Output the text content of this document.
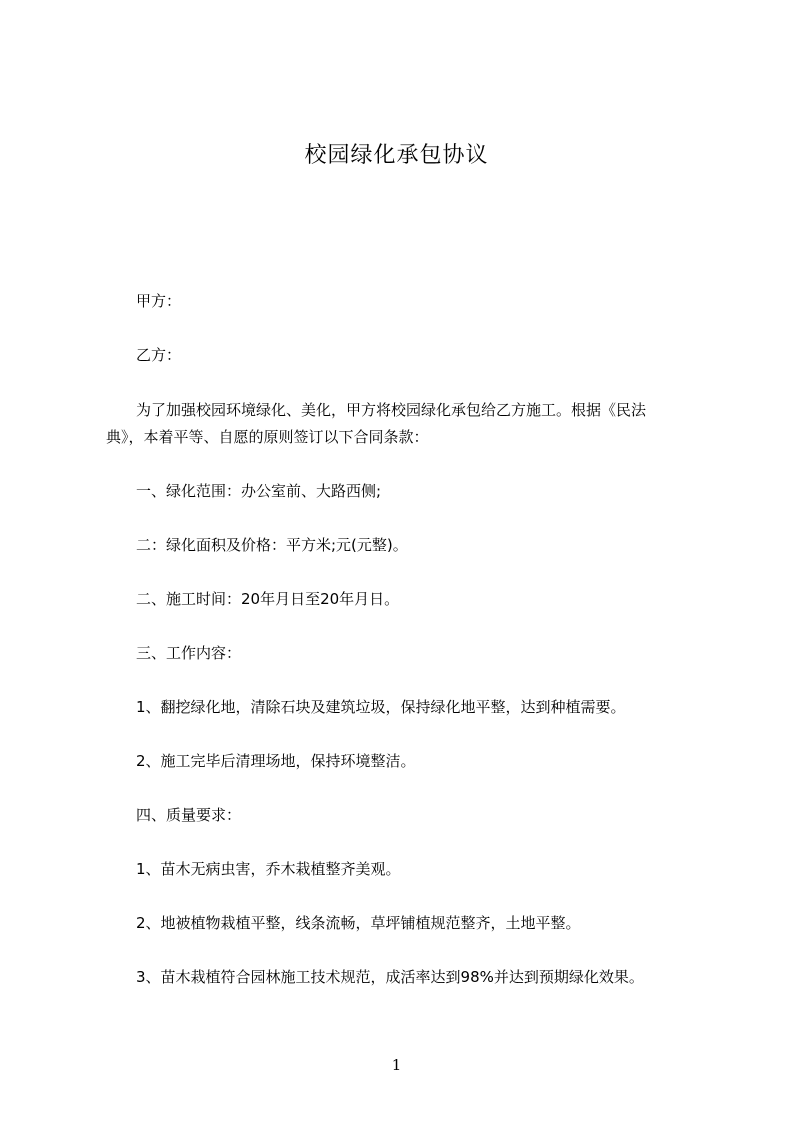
校园绿化承包协议
甲方：
乙方：
为了加强校园环境绿化、美化，甲方将校园绿化承包给乙方施工。根据《民法
典》，本着平等、自愿的原则签订以下合同条款：
一、绿化范围：办公室前、大路西侧;
二：绿化面积及价格：平方米;元(元整)。
二、施工时间：20年月日至20年月日。
三、工作内容：
1、翻挖绿化地，清除石块及建筑垃圾，保持绿化地平整，达到种植需要。
2、施工完毕后清理场地，保持环境整洁。
四、质量要求：
1、苗木无病虫害，乔木栽植整齐美观。
2、地被植物栽植平整，线条流畅，草坪铺植规范整齐，土地平整。
3、苗木栽植符合园林施工技术规范，成活率达到98%并达到预期绿化效果。
1
